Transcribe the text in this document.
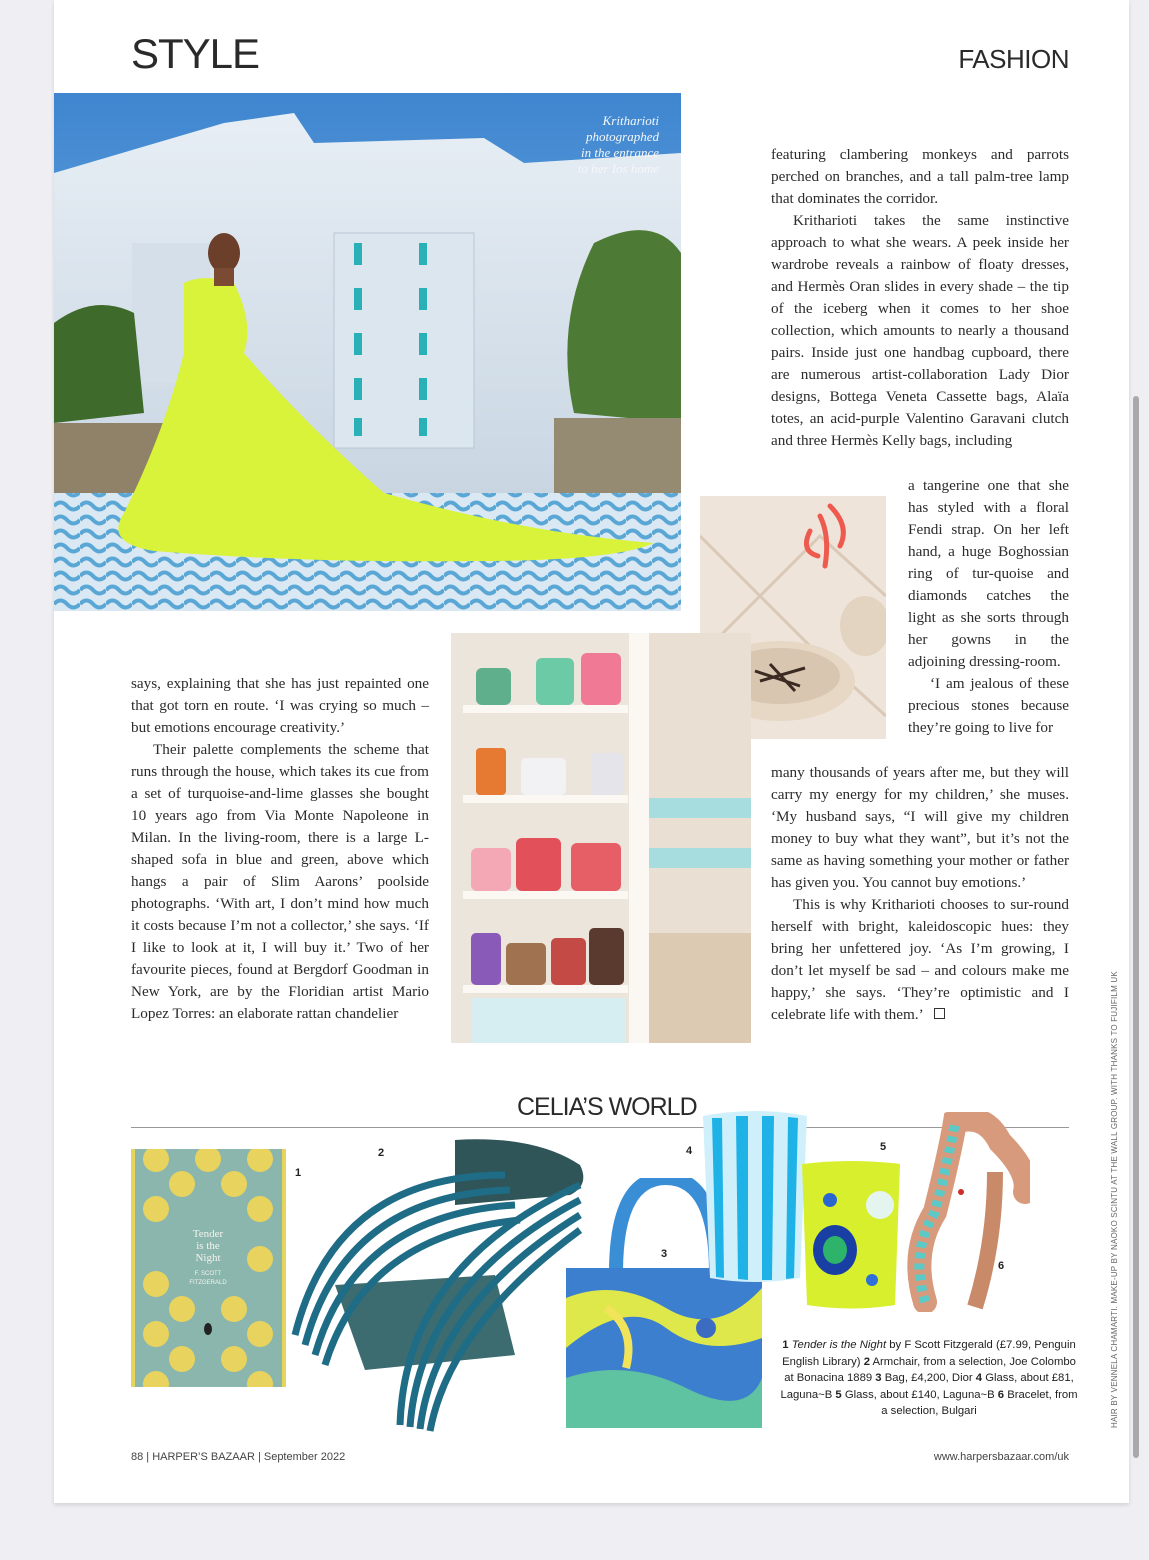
STYLE	FASHION
Kritharioti
photographed
in the entrance
to her Ios home

featuring clambering monkeys and parrots perched on branches, and a tall palm-tree lamp that dominates the corridor.

Kritharioti takes the same instinctive approach to what she wears. A peek inside her wardrobe reveals a rainbow of floaty dresses, and Hermès Oran slides in every shade – the tip of the iceberg when it comes to her shoe collection, which amounts to nearly a thousand pairs. Inside just one handbag cupboard, there are numerous artist-collaboration Lady Dior designs, Bottega Veneta Cassette bags, Alaïa totes, an acid-purple Valentino Garavani clutch and three Hermès Kelly bags, including

a tangerine one that she has styled with a floral Fendi strap. On her left hand, a huge Boghossian ring of tur-quoise and diamonds catches the light as she sorts through her gowns in the adjoining dressing-room.

‘I am jealous of these precious stones because they’re going to live for

many thousands of years after me, but they will carry my energy for my children,’ she muses. ‘My husband says, “I will give my children money to buy what they want”, but it’s not the same as having something your mother or father has given you. You cannot buy emotions.’

This is why Kritharioti chooses to sur-round herself with bright, kaleidoscopic hues: they bring her unfettered joy. ‘As I’m growing, I don’t let myself be sad – and colours make me happy,’ she says. ‘They’re optimistic and I celebrate life with them.’

says, explaining that she has just repainted one that got torn en route. ‘I was crying so much – but emotions encourage creativity.’

Their palette complements the scheme that runs through the house, which takes its cue from a set of turquoise-and-lime glasses she bought 10 years ago from Via Monte Napoleone in Milan. In the living-room, there is a large L-shaped sofa in blue and green, above which hangs a pair of Slim Aarons’ poolside photographs. ‘With art, I don’t mind how much it costs because I’m not a collector,’ she says. ‘If I like to look at it, I will buy it.’ Two of her favourite pieces, found at Bergdorf Goodman in New York, are by the Floridian artist Mario Lopez Torres: an elaborate rattan chandelier

CELIA’S WORLD
Tender
is the
Night
F. SCOTT
FITZGERALD
1
2
3
4	5
6
1 Tender is the Night by F Scott Fitzgerald (£7.99, Penguin English Library) 2 Armchair, from a selection, Joe Colombo at Bonacina 1889 3 Bag, £4,200, Dior 4 Glass, about £81, Laguna~B 5 Glass, about £140, Laguna~B 6 Bracelet, from a selection, Bulgari
88 | HARPER’S BAZAAR | September 2022	www.harpersbazaar.com/uk
HAIR BY VENNELA CHAMARTI. MAKE-UP BY NAOKO SCINTU AT THE WALL GROUP. WITH THANKS TO FUJIFILM UK
